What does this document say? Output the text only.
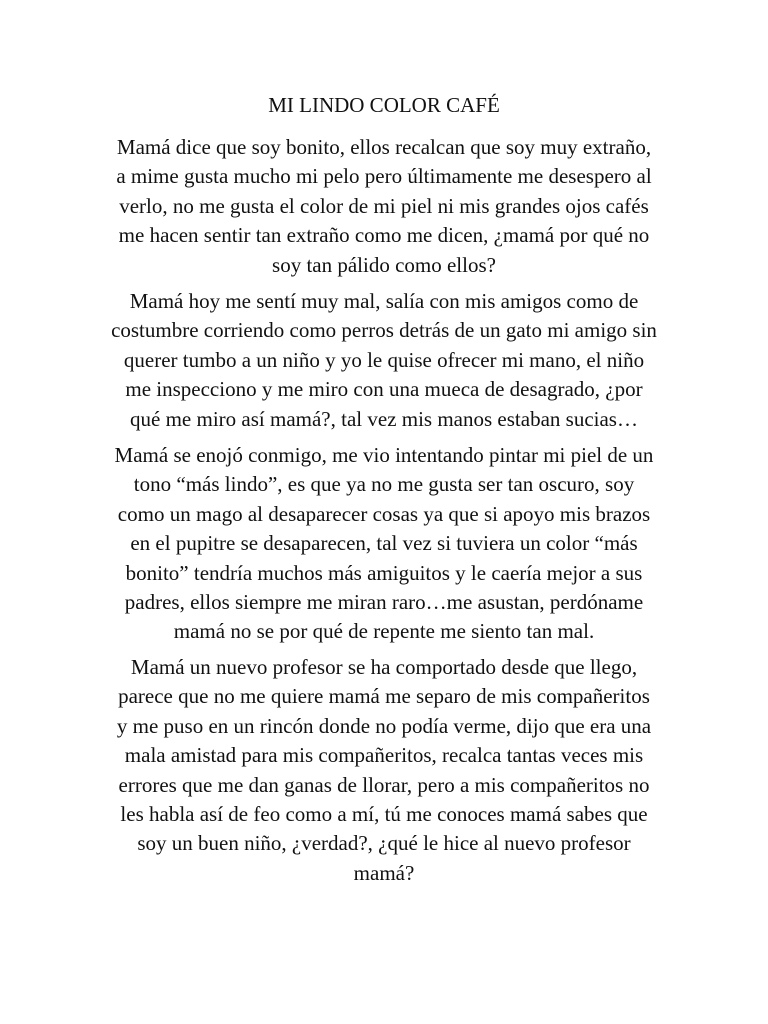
MI LINDO COLOR CAFÉ
Mamá dice que soy bonito, ellos recalcan que soy muy extraño,
a mime gusta mucho mi pelo pero últimamente me desespero al
verlo, no me gusta el color de mi piel ni mis grandes ojos cafés
me hacen sentir tan extraño como me dicen, ¿mamá por qué no
soy tan pálido como ellos?
Mamá hoy me sentí muy mal, salía con mis amigos como de
costumbre corriendo como perros detrás de un gato mi amigo sin
querer tumbo a un niño y yo le quise ofrecer mi mano, el niño
me inspecciono y me miro con una mueca de desagrado, ¿por
qué me miro así mamá?, tal vez mis manos estaban sucias…
Mamá se enojó conmigo, me vio intentando pintar mi piel de un
tono “más lindo”, es que ya no me gusta ser tan oscuro, soy
como un mago al desaparecer cosas ya que si apoyo mis brazos
en el pupitre se desaparecen, tal vez si tuviera un color “más
bonito” tendría muchos más amiguitos y le caería mejor a sus
padres, ellos siempre me miran raro…me asustan, perdóname
mamá no se por qué de repente me siento tan mal.
Mamá un nuevo profesor se ha comportado desde que llego,
parece que no me quiere mamá me separo de mis compañeritos
y me puso en un rincón donde no podía verme, dijo que era una
mala amistad para mis compañeritos, recalca tantas veces mis
errores que me dan ganas de llorar, pero a mis compañeritos no
les habla así de feo como a mí, tú me conoces mamá sabes que
soy un buen niño, ¿verdad?, ¿qué le hice al nuevo profesor
mamá?
